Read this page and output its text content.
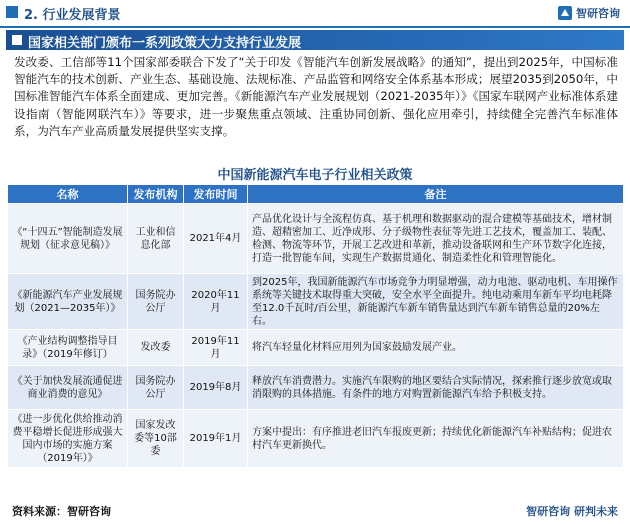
2. 行业发展背景	智研咨询
国家相关部门颁布一系列政策大力支持行业发展
发改委、工信部等11个国家部委联合下发了“关于印发《智能汽车创新发展战略》的通知”，提出到2025年，中国标准智能汽车的技术创新、产业生态、基础设施、法规标准、产品监管和网络安全体系基本形成；展望2035到2050年，中国标准智能汽车体系全面建成、更加完善。《新能源汽车产业发展规划（2021-2035年）》《国家车联网产业标准体系建设指南（智能网联汽车）》等要求，进一步聚焦重点领域、注重协同创新、强化应用牵引，持续健全完善汽车标准体系，为汽车产业高质量发展提供坚实支撑。
中国新能源汽车电子行业相关政策
名称	发布机构	发布时间	备注
《“十四五”智能制造发展规划（征求意见稿）》	工业和信息化部	2021年4月	产品优化设计与全流程仿真、基于机理和数据驱动的混合建模等基础技术，增材制造、超精密加工、近净成形、分子级物性表征等先进工艺技术，覆盖加工、装配、检测、物流等环节，开展工艺改进和革新，推动设备联网和生产环节数字化连接，打造一批智能车间，实现生产数据贯通化、制造柔性化和管理智能化。
《新能源汽车产业发展规划（2021—2035年）》	国务院办公厅	2020年11月	到2025年，我国新能源汽车市场竞争力明显增强，动力电池、驱动电机、车用操作系统等关键技术取得重大突破，安全水平全面提升。纯电动乘用车新车平均电耗降至12.0千瓦时/百公里，新能源汽车新车销售量达到汽车新车销售总量的20%左右。
《产业结构调整指导目录》（2019年修订）	发改委	2019年11月	将汽车轻量化材料应用列为国家鼓励发展产业。
《关于加快发展流通促进商业消费的意见》	国务院办公厅	2019年8月	释放汽车消费潜力。实施汽车限购的地区要结合实际情况，探索推行逐步放宽或取消限购的具体措施。有条件的地方对购置新能源汽车给予积极支持。
《进一步优化供给推动消费平稳增长促进形成强大国内市场的实施方案（2019年）》	国家发改委等10部委	2019年1月	方案中提出：有序推进老旧汽车报废更新；持续优化新能源汽车补贴结构；促进农村汽车更新换代。
资料来源：智研咨询	智研咨询 研判未来
